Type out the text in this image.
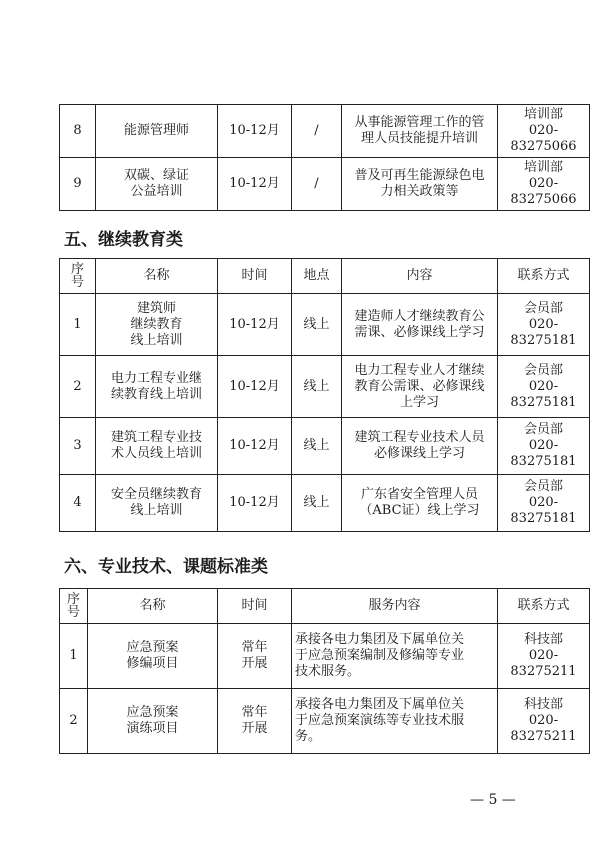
8	能源管理师	10-12月	/	从事能源管理工作的管
理人员技能提升培训	培训部
020-83275066
9	双碳、绿证
公益培训	10-12月	/	普及可再生能源绿色电
力相关政策等	培训部
020-83275066
五、继续教育类
序
号	名称	时间	地点	内容	联系方式
1	建筑师
继续教育
线上培训	10-12月	线上	建造师人才继续教育公
需课、必修课线上学习	会员部
020-83275181
2	电力工程专业继
续教育线上培训	10-12月	线上	电力工程专业人才继续
教育公需课、必修课线
上学习	会员部
020-83275181
3	建筑工程专业技
术人员线上培训	10-12月	线上	建筑工程专业技术人员
必修课线上学习	会员部
020-83275181
4	安全员继续教育
线上培训	10-12月	线上	广东省安全管理人员
（ABC证）线上学习	会员部
020-83275181
六、专业技术、课题标准类
序
号	名称	时间	服务内容	联系方式
1	应急预案
修编项目	常年
开展	承接各电力集团及下属单位关
于应急预案编制及修编等专业
技术服务。	科技部
020-83275211
2	应急预案
演练项目	常年
开展	承接各电力集团及下属单位关
于应急预案演练等专业技术服
务。	科技部
020-83275211
— 5 —
